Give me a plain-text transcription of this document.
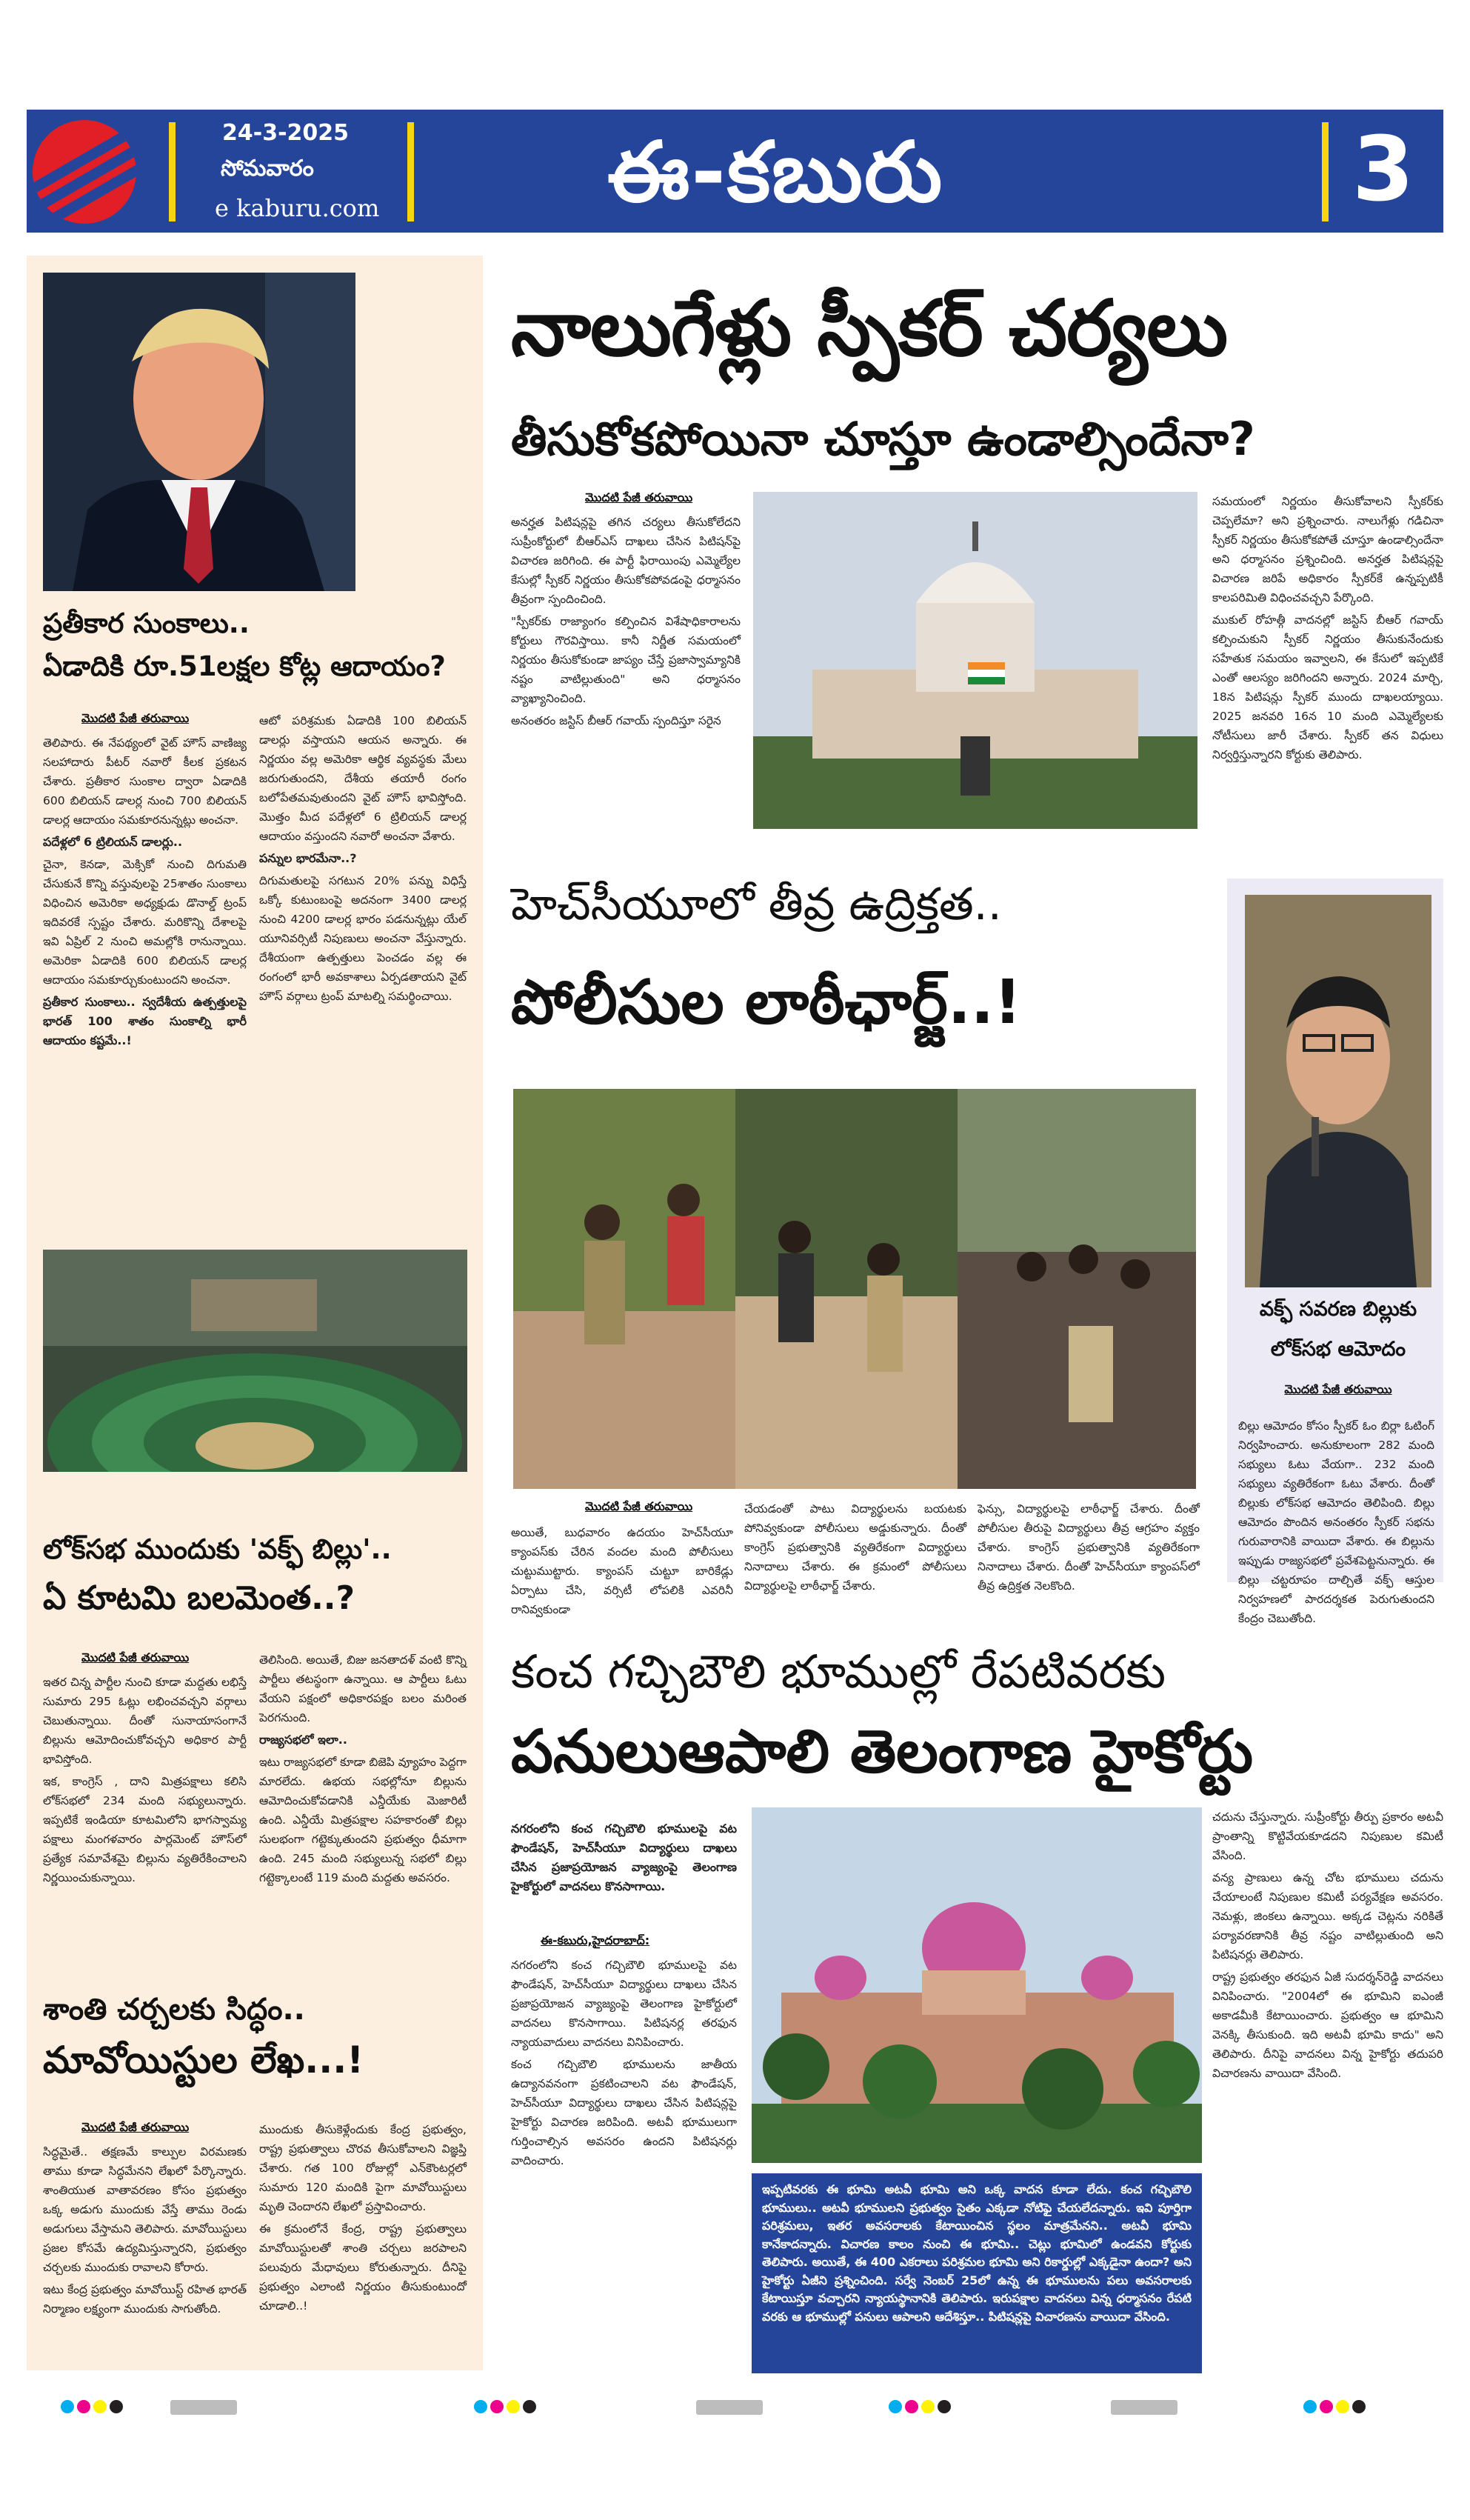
24-3-2025
సోమవారం
e kaburu.com	ఈ-కబురు	3
ప్రతీకార సుంకాలు..
ఏడాదికి రూ.51లక్షల కోట్ల ఆదాయం?
మొదటి పేజీ తరువాయి

తెలిపారు. ఈ నేపథ్యంలో వైట్ హౌస్ వాణిజ్య సలహాదారు పీటర్ నవారో కీలక ప్రకటన చేశారు. ప్రతీకార సుంకాల ద్వారా ఏడాదికి 600 బిలియన్ డాలర్ల నుంచి 700 బిలియన్ డాలర్ల ఆదాయం సమకూరనున్నట్లు అంచనా.

పదేళ్లలో 6 ట్రిలియన్ డాలర్లు..

చైనా, కెనడా, మెక్సికో నుంచి దిగుమతి చేసుకునే కొన్ని వస్తువులపై 25శాతం సుంకాలు విధించిన అమెరికా అధ్యక్షుడు డొనాల్డ్ ట్రంప్ ఇదివరకే స్పష్టం చేశారు. మరికొన్ని దేశాలపై ఇవి ఏప్రిల్ 2 నుంచి అమల్లోకి రానున్నాయి. అమెరికా ఏడాదికి 600 బిలియన్ డాలర్ల ఆదాయం సమకూర్చుకుంటుందని అంచనా.

ప్రతీకార సుంకాలు.. స్వదేశీయ ఉత్పత్తులపై భారత్ 100 శాతం సుంకాల్ని భారీ ఆదాయం కష్టమే..!

ఆటో పరిశ్రమకు ఏడాదికి 100 బిలియన్ డాలర్లు వస్తాయని ఆయన అన్నారు. ఈ నిర్ణయం వల్ల అమెరికా ఆర్థిక వ్యవస్థకు మేలు జరుగుతుందని, దేశీయ తయారీ రంగం బలోపేతమవుతుందని వైట్ హౌస్ భావిస్తోంది. మొత్తం మీద పదేళ్లలో 6 ట్రిలియన్ డాలర్ల ఆదాయం వస్తుందని నవారో అంచనా వేశారు.

పన్నుల భారమేనా..?

దిగుమతులపై సగటున 20% పన్ను విధిస్తే ఒక్కో కుటుంబంపై అదనంగా 3400 డాలర్ల నుంచి 4200 డాలర్ల భారం పడనున్నట్లు యేల్ యూనివర్సిటీ నిపుణులు అంచనా వేస్తున్నారు. దేశీయంగా ఉత్పత్తులు పెంచడం వల్ల ఈ రంగంలో భారీ అవకాశాలు ఏర్పడతాయని వైట్ హౌస్ వర్గాలు ట్రంప్ మాటల్ని సమర్థించాయి.

లోక్‌సభ ముందుకు 'వక్ఫ్ బిల్లు'..
ఏ కూటమి బలమెంత..?
మొదటి పేజీ తరువాయి

ఇతర చిన్న పార్టీల నుంచి కూడా మద్దతు లభిస్తే సుమారు 295 ఓట్లు లభించవచ్చని వర్గాలు చెబుతున్నాయి. దీంతో సునాయాసంగానే బిల్లును ఆమోదించుకోవచ్చని అధికార పార్టీ భావిస్తోంది.

ఇక, కాంగ్రెస్ , దాని మిత్రపక్షాలు కలిసి లోక్‌సభలో 234 మంది సభ్యులున్నారు. ఇప్పటికే ఇండియా కూటమిలోని భాగస్వామ్య పక్షాలు మంగళవారం పార్లమెంట్ హౌస్‌లో ప్రత్యేక సమావేశమై బిల్లును వ్యతిరేకించాలని నిర్ణయించుకున్నాయి.

తెలిసింది. అయితే, బిజు జనతాదళ్ వంటి కొన్ని పార్టీలు తటస్థంగా ఉన్నాయి. ఆ పార్టీలు ఓటు వేయని పక్షంలో అధికారపక్షం బలం మరింత పెరగనుంది.

రాజ్యసభలో ఇలా..

ఇటు రాజ్యసభలో కూడా బిజెపి వ్యూహం పెద్దగా మారలేదు. ఉభయ సభల్లోనూ బిల్లును ఆమోదించుకోవడానికి ఎన్డీయేకు మెజారిటీ ఉంది. ఎన్డీయే మిత్రపక్షాల సహకారంతో బిల్లు సులభంగా గట్టెక్కుతుందని ప్రభుత్వం ధీమాగా ఉంది. 245 మంది సభ్యులున్న సభలో బిల్లు గట్టెక్కాలంటే 119 మంది మద్దతు అవసరం.

శాంతి చర్చలకు సిద్ధం..
మావోయిస్టుల లేఖ...!
మొదటి పేజీ తరువాయి

సిద్ధమైతే.. తక్షణమే కాల్పుల విరమణకు తాము కూడా సిద్ధమేనని లేఖలో పేర్కొన్నారు. శాంతియుత వాతావరణం కోసం ప్రభుత్వం ఒక్క అడుగు ముందుకు వేస్తే తాము రెండు అడుగులు వేస్తామని తెలిపారు. మావోయిస్టులు ప్రజల కోసమే ఉద్యమిస్తున్నారని, ప్రభుత్వం చర్చలకు ముందుకు రావాలని కోరారు.

ఇటు కేంద్ర ప్రభుత్వం మావోయిస్ట్ రహిత భారత్ నిర్మాణం లక్ష్యంగా ముందుకు సాగుతోంది.

ముందుకు తీసుకెళ్లేందుకు కేంద్ర ప్రభుత్వం, రాష్ట్ర ప్రభుత్వాలు చొరవ తీసుకోవాలని విజ్ఞప్తి చేశారు. గత 100 రోజుల్లో ఎన్‌కౌంటర్లలో సుమారు 120 మందికి పైగా మావోయిస్టులు మృతి చెందారని లేఖలో ప్రస్తావించారు.

ఈ క్రమంలోనే కేంద్ర, రాష్ట్ర ప్రభుత్వాలు మావోయిస్టులతో శాంతి చర్చలు జరపాలని పలువురు మేధావులు కోరుతున్నారు. దీనిపై ప్రభుత్వం ఎలాంటి నిర్ణయం తీసుకుంటుందో చూడాలి..!

నాలుగేళ్లు స్పీకర్ చర్యలు
తీసుకోకపోయినా చూస్తూ ఉండాల్సిందేనా?
మొదటి పేజీ తరువాయి

అనర్హత పిటిషన్లపై తగిన చర్యలు తీసుకోలేదని సుప్రీంకోర్టులో బీఆర్ఎస్ దాఖలు చేసిన పిటిషన్‌పై విచారణ జరిగింది. ఈ పార్టీ ఫిరాయింపు ఎమ్మెల్యేల కేసుల్లో స్పీకర్ నిర్ణయం తీసుకోకపోవడంపై ధర్మాసనం తీవ్రంగా స్పందించింది.

"స్పీకర్‌కు రాజ్యాంగం కల్పించిన విశేషాధికారాలను కోర్టులు గౌరవిస్తాయి. కానీ నిర్ణీత సమయంలో నిర్ణయం తీసుకోకుండా జాప్యం చేస్తే ప్రజాస్వామ్యానికి నష్టం వాటిల్లుతుంది" అని ధర్మాసనం వ్యాఖ్యానించింది.

అనంతరం జస్టిస్ బీఆర్ గవాయ్ స్పందిస్తూ సరైన

సమయంలో నిర్ణయం తీసుకోవాలని స్పీకర్‌కు చెప్పలేమా? అని ప్రశ్నించారు. నాలుగేళ్లు గడిచినా స్పీకర్ నిర్ణయం తీసుకోకపోతే చూస్తూ ఉండాల్సిందేనా అని ధర్మాసనం ప్రశ్నించింది. అనర్హత పిటిషన్లపై విచారణ జరిపే అధికారం స్పీకర్‌కే ఉన్నప్పటికీ కాలపరిమితి విధించవచ్చని పేర్కొంది.

ముకుల్ రోహత్గీ వాదనల్లో జస్టిస్ బీఆర్ గవాయ్ కల్పించుకుని స్పీకర్ నిర్ణయం తీసుకునేందుకు సహేతుక సమయం ఇవ్వాలని, ఈ కేసులో ఇప్పటికే ఎంతో ఆలస్యం జరిగిందని అన్నారు. 2024 మార్చి, 18న పిటిషన్లు స్పీకర్ ముందు దాఖలయ్యాయి. 2025 జనవరి 16న 10 మంది ఎమ్మెల్యేలకు నోటీసులు జారీ చేశారు. స్పీకర్ తన విధులు నిర్వర్తిస్తున్నారని కోర్టుకు తెలిపారు.

హెచ్‌సీయూలో తీవ్ర ఉద్రిక్తత..
పోలీసుల లాఠీఛార్జ్..!
మొదటి పేజీ తరువాయి

అయితే, బుధవారం ఉదయం హెచ్‌సీయూ క్యాంపస్‌కు చేరిన వందల మంది పోలీసులు చుట్టుముట్టారు. క్యాంపస్ చుట్టూ బారికేడ్లు ఏర్పాటు చేసి, వర్సిటీ లోపలికి ఎవరినీ రానివ్వకుండా

చేయడంతో పాటు విద్యార్థులను బయటకు పోనివ్వకుండా పోలీసులు అడ్డుకున్నారు. దీంతో కాంగ్రెస్ ప్రభుత్వానికి వ్యతిరేకంగా విద్యార్థులు నినాదాలు చేశారు. ఈ క్రమంలో పోలీసులు విద్యార్థులపై లాఠీఛార్జ్ చేశారు.

ఫెన్సు, విద్యార్థులపై లాఠీఛార్జ్ చేశారు. దీంతో పోలీసుల తీరుపై విద్యార్థులు తీవ్ర ఆగ్రహం వ్యక్తం చేశారు. కాంగ్రెస్ ప్రభుత్వానికి వ్యతిరేకంగా నినాదాలు చేశారు. దీంతో హెచ్‌సీయూ క్యాంపస్‌లో తీవ్ర ఉద్రిక్తత నెలకొంది.

వక్ఫ్ సవరణ బిల్లుకు
లోక్‌సభ ఆమోదం
మొదటి పేజీ తరువాయి

బిల్లు ఆమోదం కోసం స్పీకర్ ఓం బిర్లా ఓటింగ్ నిర్వహించారు. అనుకూలంగా 282 మంది సభ్యులు ఓటు వేయగా.. 232 మంది సభ్యులు వ్యతిరేకంగా ఓటు వేశారు. దీంతో బిల్లుకు లోక్‌సభ ఆమోదం తెలిపింది. బిల్లు ఆమోదం పొందిన అనంతరం స్పీకర్ సభను గురువారానికి వాయిదా వేశారు. ఈ బిల్లును ఇప్పుడు రాజ్యసభలో ప్రవేశపెట్టనున్నారు. ఈ బిల్లు చట్టరూపం దాల్చితే వక్ఫ్ ఆస్తుల నిర్వహణలో పారదర్శకత పెరుగుతుందని కేంద్రం చెబుతోంది.

కంచ గచ్చిబౌలి భూముల్లో రేపటివరకు
పనులుఆపాలి తెలంగాణ హైకోర్టు
నగరంలోని కంచ గచ్చిబౌలి భూములపై వట ఫౌండేషన్, హెచ్‌సీయూ విద్యార్థులు దాఖలు చేసిన ప్రజాప్రయోజన వ్యాజ్యంపై తెలంగాణ హైకోర్టులో వాదనలు కొనసాగాయి.
ఈ-కబురు,హైదరాబాద్:

నగరంలోని కంచ గచ్చిబౌలి భూములపై వట ఫౌండేషన్, హెచ్‌సీయూ విద్యార్థులు దాఖలు చేసిన ప్రజాప్రయోజన వ్యాజ్యంపై తెలంగాణ హైకోర్టులో వాదనలు కొనసాగాయి. పిటిషనర్ల తరఫున న్యాయవాదులు వాదనలు వినిపించారు.

కంచ గచ్చిబౌలి భూములను జాతీయ ఉద్యానవనంగా ప్రకటించాలని వట ఫౌండేషన్, హెచ్‌సీయూ విద్యార్థులు దాఖలు చేసిన పిటిషన్లపై హైకోర్టు విచారణ జరిపింది. అటవీ భూములుగా గుర్తించాల్సిన అవసరం ఉందని పిటిషనర్లు వాదించారు.

ఇప్పటివరకు ఈ భూమి అటవీ భూమి అని ఒక్క వాదన కూడా లేదు. కంచ గచ్చిబౌలి భూములు.. అటవీ భూములని ప్రభుత్వం సైతం ఎక్కడా నోటిఫై చేయలేదన్నారు. ఇవి పూర్తిగా పరిశ్రమలు, ఇతర అవసరాలకు కేటాయించిన స్థలం మాత్రమేనని.. అటవీ భూమి కానేకాదన్నారు. విచారణ కాలం నుంచి ఈ భూమి.. చెట్లు భూమిలో ఉండవని కోర్టుకు తెలిపారు. అయితే, ఈ 400 ఎకరాలు పరిశ్రమల భూమి అని రికార్డుల్లో ఎక్కడైనా ఉందా? అని హైకోర్టు ఏజీని ప్రశ్నించింది. సర్వే నెంబర్ 25లో ఉన్న ఈ భూములను పలు అవసరాలకు కేటాయిస్తూ వచ్చారని న్యాయస్థానానికి తెలిపారు. ఇరుపక్షాల వాదనలు విన్న ధర్మాసనం రేపటి వరకు ఆ భూముల్లో పనులు ఆపాలని ఆదేశిస్తూ.. పిటిషన్లపై విచారణను వాయిదా వేసింది.

చదును చేస్తున్నారు. సుప్రీంకోర్టు తీర్పు ప్రకారం అటవీ ప్రాంతాన్ని కొట్టివేయకూడదని నిపుణుల కమిటీ వేసింది.

వన్య ప్రాణులు ఉన్న చోట భూములు చదును చేయాలంటే నిపుణుల కమిటీ పర్యవేక్షణ అవసరం. నెమళ్లు, జింకలు ఉన్నాయి. అక్కడ చెట్లను నరికితే పర్యావరణానికి తీవ్ర నష్టం వాటిల్లుతుంది అని పిటిషనర్లు తెలిపారు.

రాష్ట్ర ప్రభుత్వం తరఫున ఏజీ సుదర్శన్‌రెడ్డి వాదనలు వినిపించారు. "2004లో ఈ భూమిని ఐఎంజీ అకాడమీకి కేటాయించారు. ప్రభుత్వం ఆ భూమిని వెనక్కి తీసుకుంది. ఇది అటవీ భూమి కాదు" అని తెలిపారు. దీనిపై వాదనలు విన్న హైకోర్టు తదుపరి విచారణను వాయిదా వేసింది.
